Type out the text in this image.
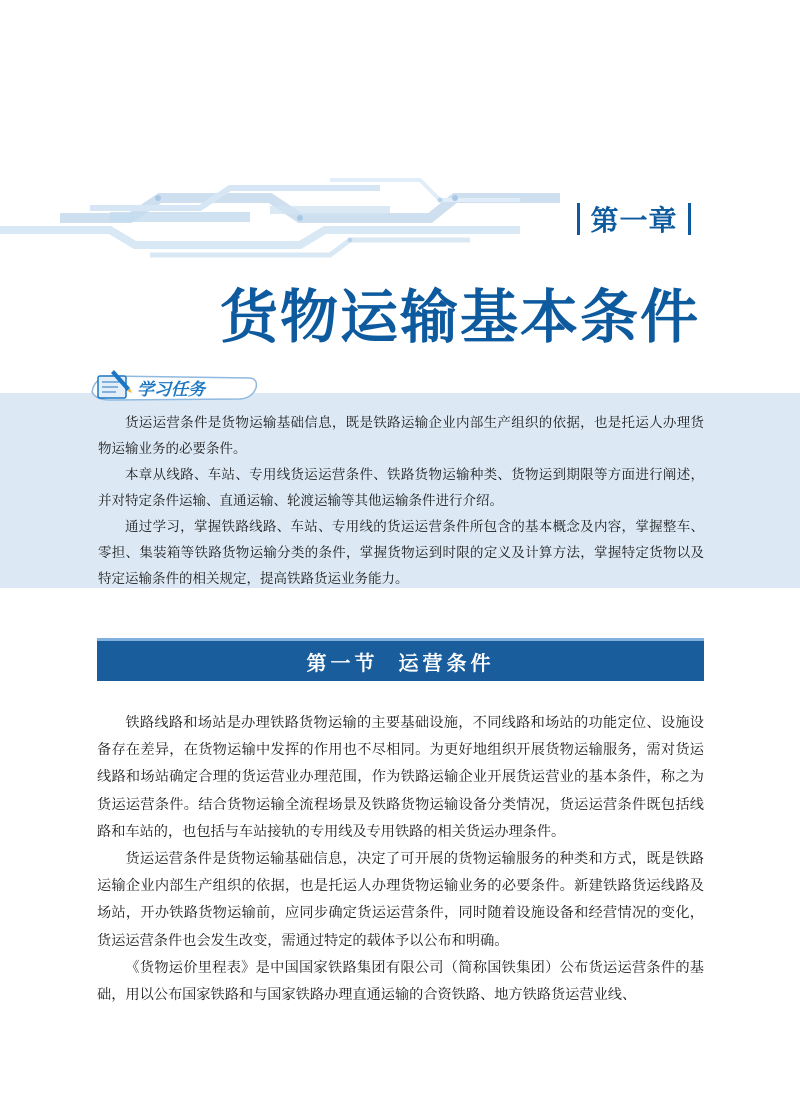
第一章
货物运输基本条件
学习任务

货运运营条件是货物运输基础信息，既是铁路运输企业内部生产组织的依据，也是托运人办理货物运输业务的必要条件。

本章从线路、车站、专用线货运运营条件、铁路货物运输种类、货物运到期限等方面进行阐述，并对特定条件运输、直通运输、轮渡运输等其他运输条件进行介绍。

通过学习，掌握铁路线路、车站、专用线的货运运营条件所包含的基本概念及内容，掌握整车、零担、集装箱等铁路货物运输分类的条件，掌握货物运到时限的定义及计算方法，掌握特定货物以及特定运输条件的相关规定，提高铁路货运业务能力。

第一节 运营条件

铁路线路和场站是办理铁路货物运输的主要基础设施，不同线路和场站的功能定位、设施设备存在差异，在货物运输中发挥的作用也不尽相同。为更好地组织开展货物运输服务，需对货运线路和场站确定合理的货运营业办理范围，作为铁路运输企业开展货运营业的基本条件，称之为货运运营条件。结合货物运输全流程场景及铁路货物运输设备分类情况，货运运营条件既包括线路和车站的，也包括与车站接轨的专用线及专用铁路的相关货运办理条件。

货运运营条件是货物运输基础信息，决定了可开展的货物运输服务的种类和方式，既是铁路运输企业内部生产组织的依据，也是托运人办理货物运输业务的必要条件。新建铁路货运线路及场站，开办铁路货物运输前，应同步确定货运运营条件，同时随着设施设备和经营情况的变化，货运运营条件也会发生改变，需通过特定的载体予以公布和明确。

《货物运价里程表》是中国国家铁路集团有限公司（简称国铁集团）公布货运运营条件的基础，用以公布国家铁路和与国家铁路办理直通运输的合资铁路、地方铁路货运营业线、
